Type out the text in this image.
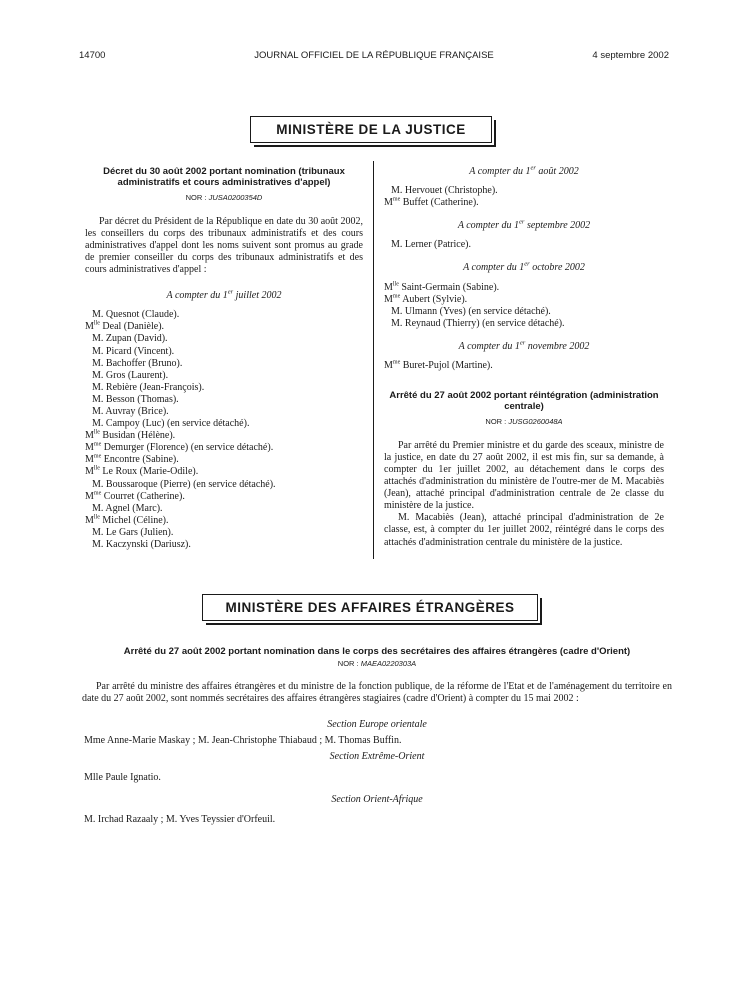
14700	JOURNAL OFFICIEL DE LA RÉPUBLIQUE FRANÇAISE	4 septembre 2002
MINISTÈRE DE LA JUSTICE
Décret du 30 août 2002 portant nomination (tribunaux administratifs et cours administratives d'appel)
NOR : JUSA0200354D

Par décret du Président de la République en date du 30 août 2002, les conseillers du corps des tribunaux administratifs et des cours administratives d'appel dont les noms suivent sont promus au grade de premier conseiller du corps des tribunaux administratifs et des cours administratives d'appel :

A compter du 1er juillet 2002
M. Quesnot (Claude).
$M^{lle}$ Deal (Danièle).
M. Zupan (David).
M. Picard (Vincent).
M. Bachoffer (Bruno).
M. Gros (Laurent).
M. Rebière (Jean-François).
M. Besson (Thomas).
M. Auvray (Brice).
M. Campoy (Luc) (en service détaché).
$M^{lle}$ Busidan (Hélène).
$M^{me}$ Demurger (Florence) (en service détaché).
$M^{me}$ Encontre (Sabine).
$M^{lle}$ Le Roux (Marie-Odile).
M. Boussaroque (Pierre) (en service détaché).
$M^{me}$ Courret (Catherine).
M. Agnel (Marc).
$M^{lle}$ Michel (Céline).
M. Le Gars (Julien).
M. Kaczynski (Dariusz).
A compter du 1er août 2002
M. Hervouet (Christophe).
$M^{me}$ Buffet (Catherine).
A compter du 1er septembre 2002
M. Lerner (Patrice).
A compter du 1er octobre 2002
$M^{lle}$ Saint-Germain (Sabine).
$M^{me}$ Aubert (Sylvie).
M. Ulmann (Yves) (en service détaché).
M. Reynaud (Thierry) (en service détaché).
A compter du 1er novembre 2002
$M^{me}$ Buret-Pujol (Martine).
Arrêté du 27 août 2002 portant réintégration (administration centrale)
NOR : JUSG0260048A

Par arrêté du Premier ministre et du garde des sceaux, ministre de la justice, en date du 27 août 2002, il est mis fin, sur sa demande, à compter du 1er juillet 2002, au détachement dans le corps des attachés d'administration du ministère de l'outre-mer de M. Macabiès (Jean), attaché principal d'administration centrale de 2e classe du ministère de la justice.

M. Macabiès (Jean), attaché principal d'administration de 2e classe, est, à compter du 1er juillet 2002, réintégré dans le corps des attachés d'administration centrale du ministère de la justice.

MINISTÈRE DES AFFAIRES ÉTRANGÈRES
Arrêté du 27 août 2002 portant nomination dans le corps des secrétaires des affaires étrangères (cadre d'Orient)
NOR : MAEA0220303A

Par arrêté du ministre des affaires étrangères et du ministre de la fonction publique, de la réforme de l'Etat et de l'aménagement du territoire en date du 27 août 2002, sont nommés secrétaires des affaires étrangères stagiaires (cadre d'Orient) à compter du 15 mai 2002 :

Section Europe orientale
Mme Anne-Marie Maskay ; M. Jean-Christophe Thiabaud ; M. Thomas Buffin.
Section Extrême-Orient
Mlle Paule Ignatio.
Section Orient-Afrique
M. Irchad Razaaly ; M. Yves Teyssier d'Orfeuil.
